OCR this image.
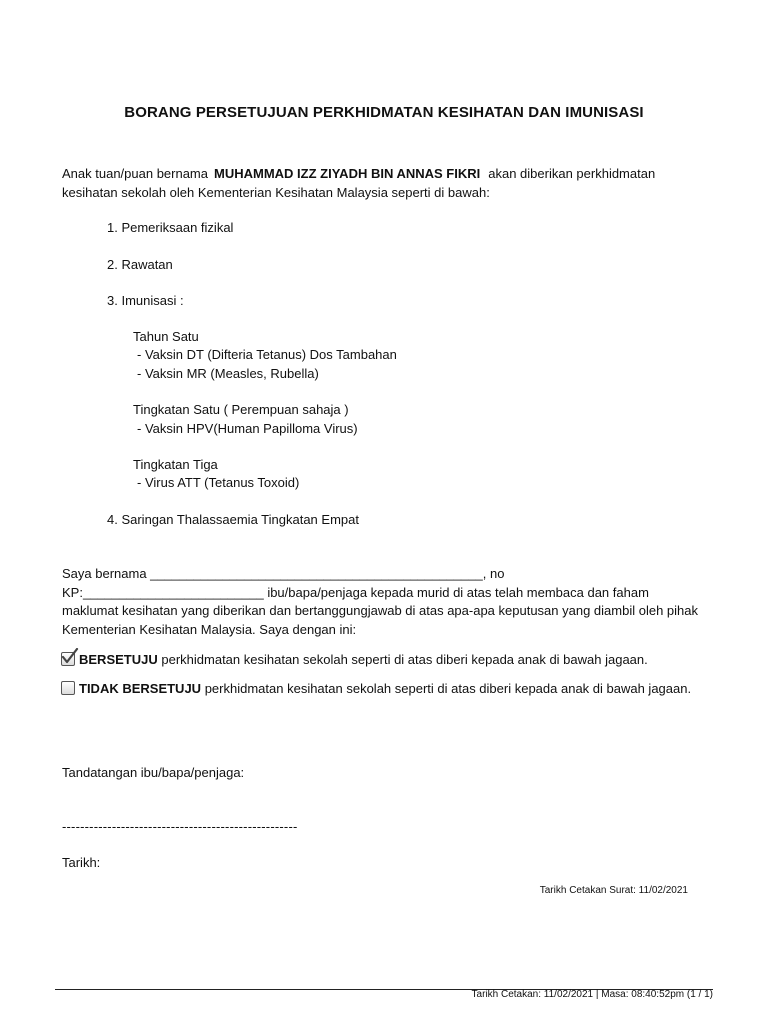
BORANG PERSETUJUAN PERKHIDMATAN KESIHATAN DAN IMUNISASI
Anak tuan/puan bernama MUHAMMAD IZZ ZIYADH BIN ANNAS FIKRI akan diberikan perkhidmatan kesihatan sekolah oleh Kementerian Kesihatan Malaysia seperti di bawah:
1. Pemeriksaan fizikal
2. Rawatan
3. Imunisasi :
Tahun Satu
- Vaksin DT (Difteria Tetanus) Dos Tambahan
- Vaksin MR (Measles, Rubella)
Tingkatan Satu ( Perempuan sahaja )
- Vaksin HPV(Human Papilloma Virus)
Tingkatan Tiga
- Virus ATT (Tetanus Toxoid)
4. Saringan Thalassaemia Tingkatan Empat
Saya bernama ______________________________________________, no KP:_________________________ ibu/bapa/penjaga kepada murid di atas telah membaca dan faham maklumat kesihatan yang diberikan dan bertanggungjawab di atas apa-apa keputusan yang diambil oleh pihak Kementerian Kesihatan Malaysia. Saya dengan ini:
BERSETUJU perkhidmatan kesihatan sekolah seperti di atas diberi kepada anak di bawah jagaan.
TIDAK BERSETUJU perkhidmatan kesihatan sekolah seperti di atas diberi kepada anak di bawah jagaan.
Tandatangan ibu/bapa/penjaga:
----------------------------------------------------
Tarikh:
Tarikh Cetakan Surat: 11/02/2021
Tarikh Cetakan: 11/02/2021 | Masa: 08:40:52pm (1 / 1)
